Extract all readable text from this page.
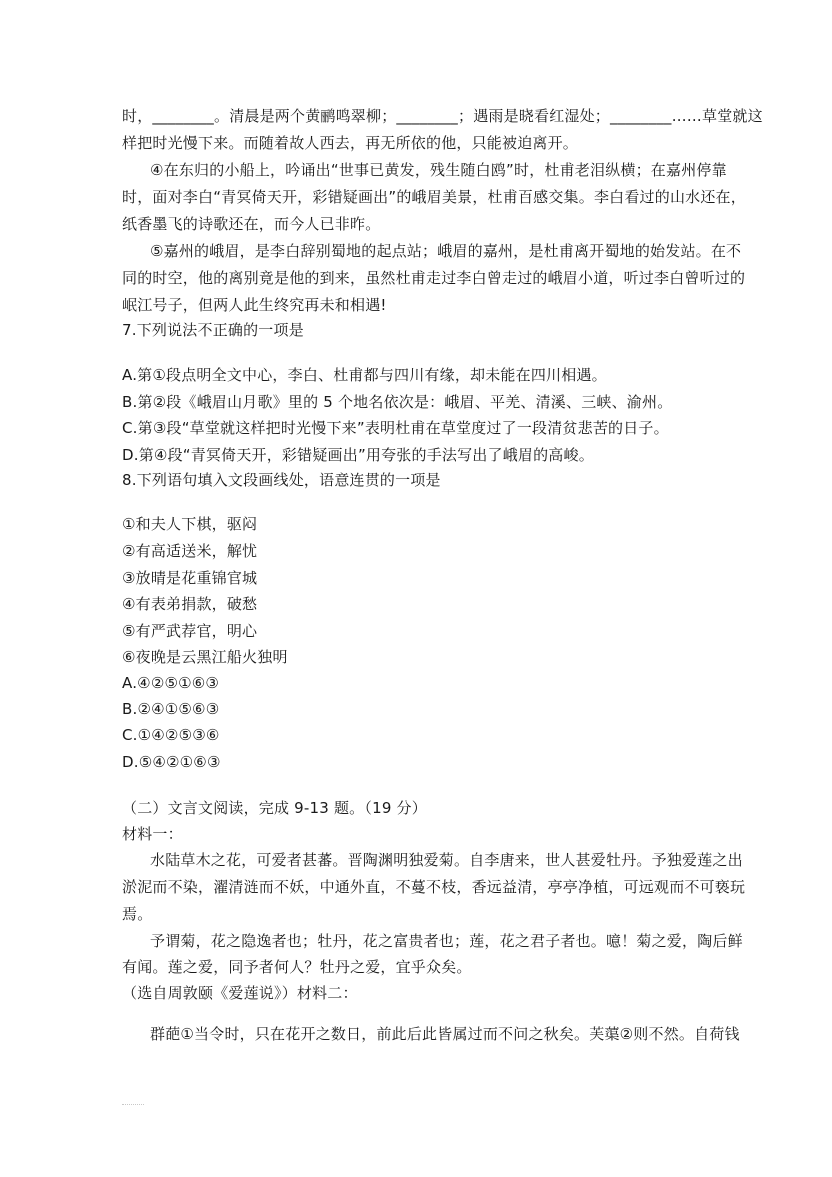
时，________。清晨是两个黄鹂鸣翠柳；________；遇雨是晓看红湿处；________……草堂就这
样把时光慢下来。而随着故人西去，再无所依的他，只能被迫离开。
④在东归的小船上，吟诵出“世事已黄发，残生随白鸥”时，杜甫老泪纵横；在嘉州停靠
时，面对李白“青冥倚天开，彩错疑画出”的峨眉美景，杜甫百感交集。李白看过的山水还在，
纸香墨飞的诗歌还在，而今人已非昨。
⑤嘉州的峨眉，是李白辞别蜀地的起点站；峨眉的嘉州，是杜甫离开蜀地的始发站。在不
同的时空，他的离别竟是他的到来，虽然杜甫走过李白曾走过的峨眉小道，听过李白曾听过的
岷江号子，但两人此生终究再未和相遇!
7.下列说法不正确的一项是
A.第①段点明全文中心，李白、杜甫都与四川有缘，却未能在四川相遇。
B.第②段《峨眉山月歌》里的 5 个地名依次是：峨眉、平羌、清溪、三峡、渝州。
C.第③段“草堂就这样把时光慢下来”表明杜甫在草堂度过了一段清贫悲苦的日子。
D.第④段“青冥倚天开，彩错疑画出”用夸张的手法写出了峨眉的高峻。
8.下列语句填入文段画线处，语意连贯的一项是
①和夫人下棋，驱闷
②有高适送米，解忧
③放晴是花重锦官城
④有表弟捐款，破愁
⑤有严武荐官，明心
⑥夜晚是云黑江船火独明
A.④②⑤①⑥③
B.②④①⑤⑥③
C.①④②⑤③⑥
D.⑤④②①⑥③
（二）文言文阅读，完成 9-13 题。（19 分）
材料一：
水陆草木之花，可爱者甚蕃。晋陶渊明独爱菊。自李唐来，世人甚爱牡丹。予独爱莲之出
淤泥而不染，濯清涟而不妖，中通外直，不蔓不枝，香远益清，亭亭净植，可远观而不可亵玩
焉。
予谓菊，花之隐逸者也；牡丹，花之富贵者也；莲，花之君子者也。噫！菊之爱，陶后鲜
有闻。莲之爱，同予者何人？牡丹之爱，宜乎众矣。
（选自周敦颐《爱莲说》）材料二：
群葩①当令时，只在花开之数日，前此后此皆属过而不问之秋矣。芙蕖②则不然。自荷钱
